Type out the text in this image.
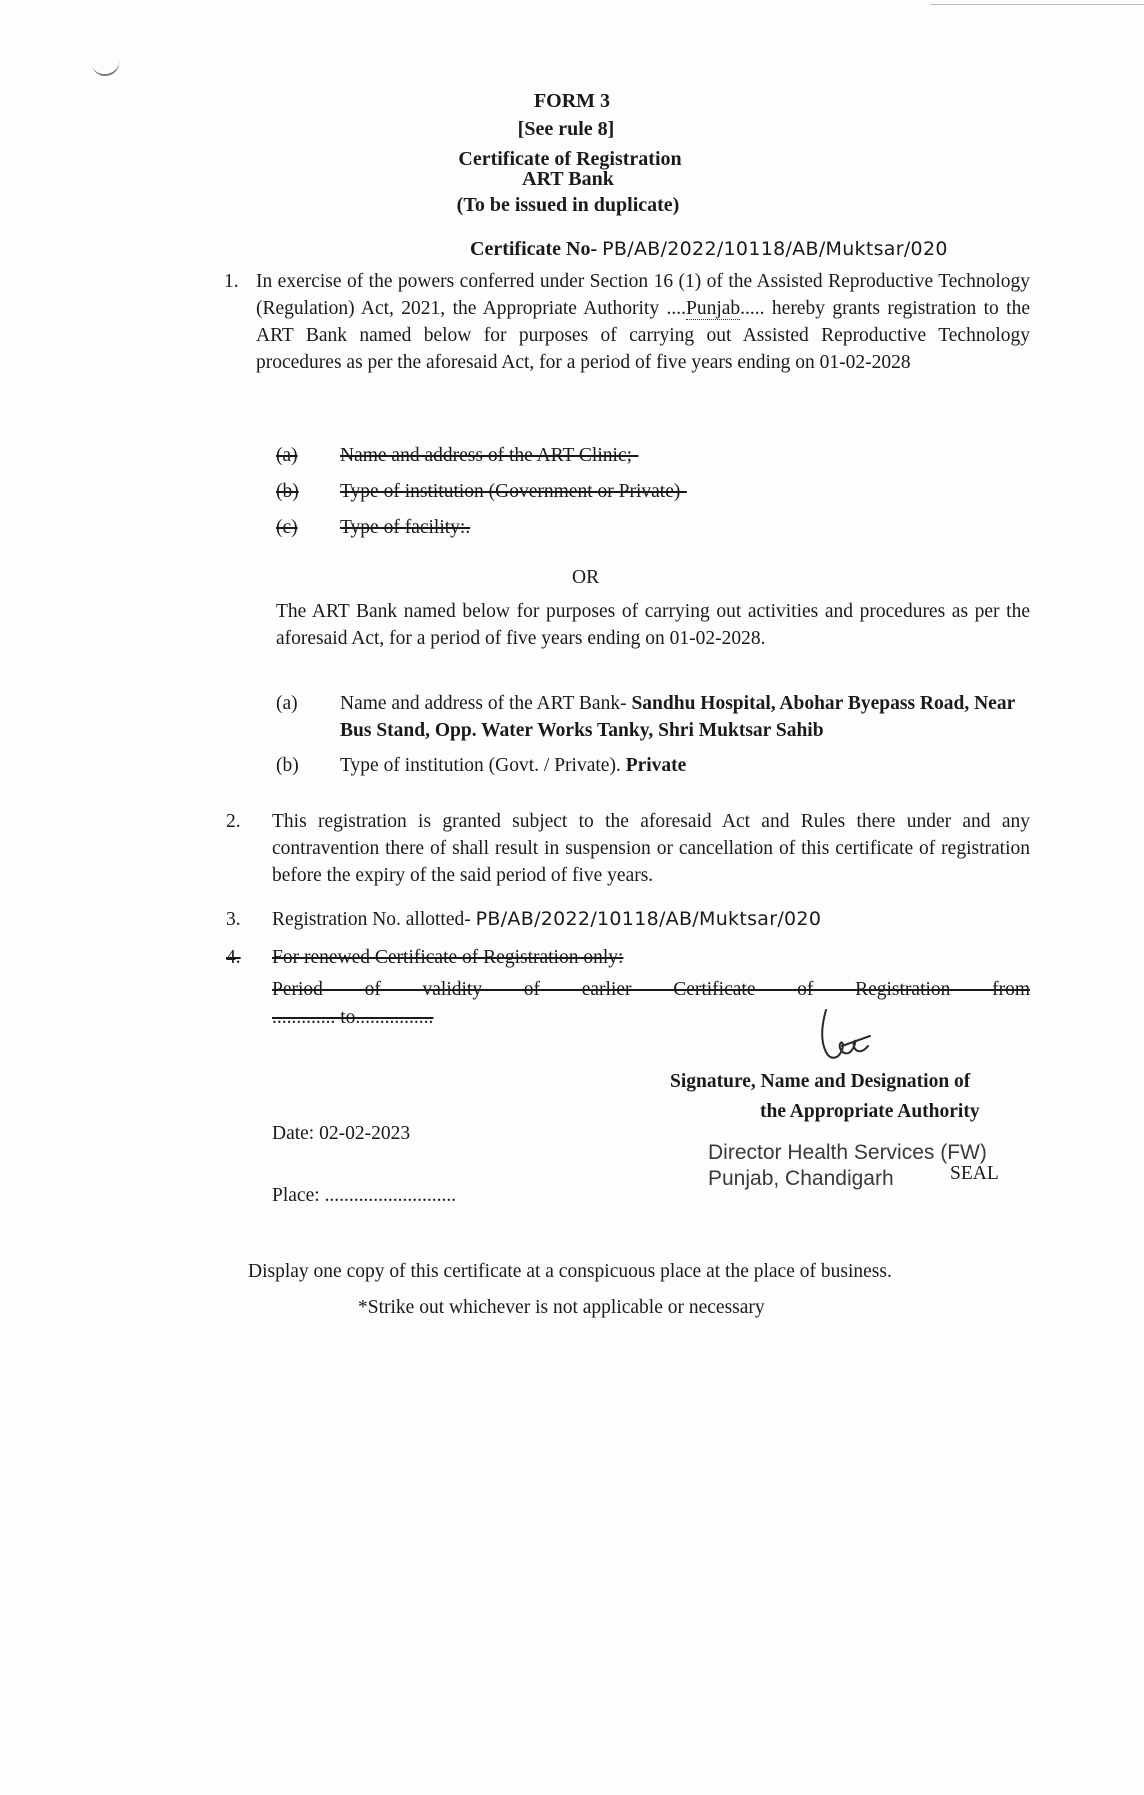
FORM 3
[See rule 8]
Certificate of Registration
ART Bank
(To be issued in duplicate)
Certificate No- PB/AB/2022/10118/AB/Muktsar/020
1. In exercise of the powers conferred under Section 16 (1) of the Assisted Reproductive Technology (Regulation) Act, 2021, the Appropriate Authority ....Punjab..... hereby grants registration to the ART Bank named below for purposes of carrying out Assisted Reproductive Technology procedures as per the aforesaid Act, for a period of five years ending on 01-02-2028
(a) Name and address of the ART Clinic;-
(b) Type of institution (Government or Private)-
(c) Type of facility:.
OR
The ART Bank named below for purposes of carrying out activities and procedures as per the aforesaid Act, for a period of five years ending on 01-02-2028.
(a) Name and address of the ART Bank- Sandhu Hospital, Abohar Byepass Road, Near Bus Stand, Opp. Water Works Tanky, Shri Muktsar Sahib
(b) Type of institution (Govt. / Private). Private
2. This registration is granted subject to the aforesaid Act and Rules there under and any contravention there of shall result in suspension or cancellation of this certificate of registration before the expiry of the said period of five years.
3. Registration No. allotted- PB/AB/2022/10118/AB/Muktsar/020
4. For renewed Certificate of Registration only:
Period of validity of earlier Certificate of Registration from
............. to................
Signature, Name and Designation of
the Appropriate Authority
Date: 02-02-2023
Director Health Services (FW)
Punjab, Chandigarh	SEAL
Place: ...........................
Display one copy of this certificate at a conspicuous place at the place of business.
*Strike out whichever is not applicable or necessary
